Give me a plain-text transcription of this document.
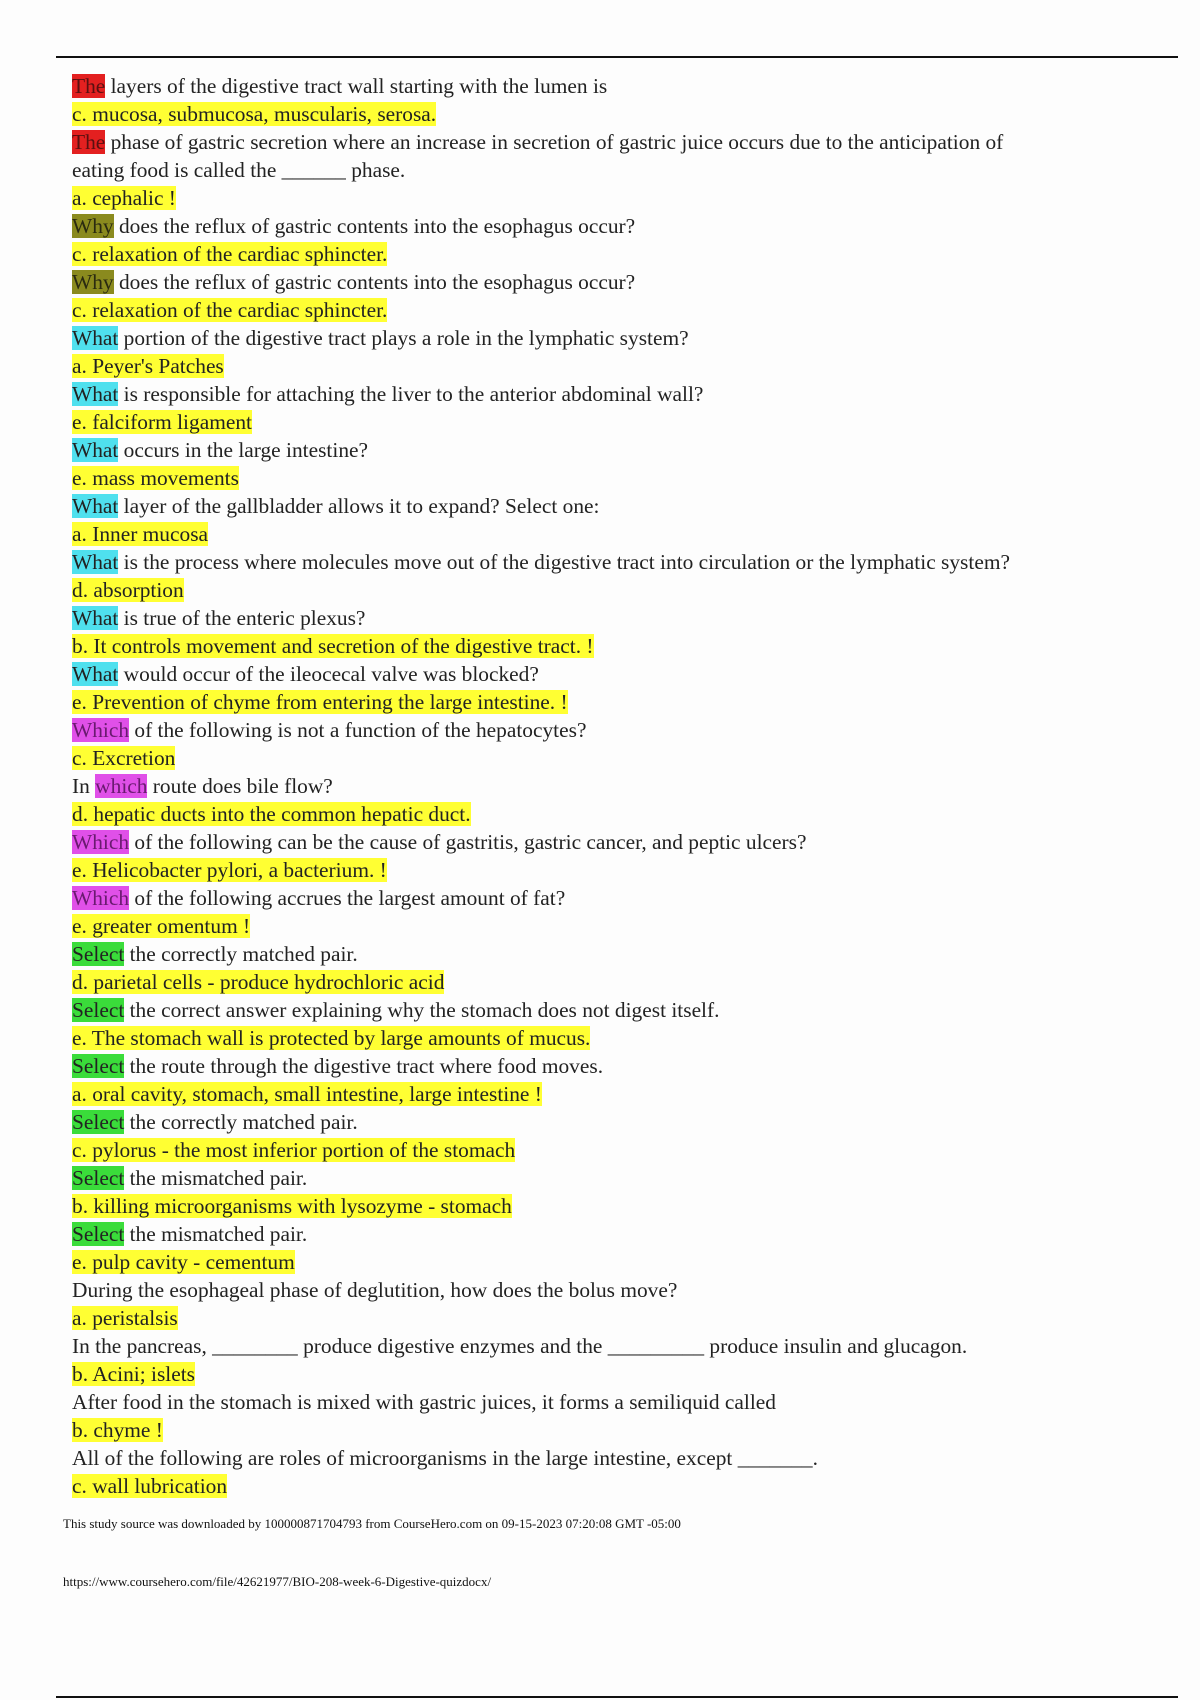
The layers of the digestive tract wall starting with the lumen is
c. mucosa, submucosa, muscularis, serosa.
The phase of gastric secretion where an increase in secretion of gastric juice occurs due to the anticipation of
eating food is called the ______ phase.
a. cephalic !
Why does the reflux of gastric contents into the esophagus occur?
c. relaxation of the cardiac sphincter.
Why does the reflux of gastric contents into the esophagus occur?
c. relaxation of the cardiac sphincter.
What portion of the digestive tract plays a role in the lymphatic system?
a. Peyer's Patches
What is responsible for attaching the liver to the anterior abdominal wall?
e. falciform ligament
What occurs in the large intestine?
e. mass movements
What layer of the gallbladder allows it to expand? Select one:
a. Inner mucosa
What is the process where molecules move out of the digestive tract into circulation or the lymphatic system?
d. absorption
What is true of the enteric plexus?
b. It controls movement and secretion of the digestive tract. !
What would occur of the ileocecal valve was blocked?
e. Prevention of chyme from entering the large intestine. !
Which of the following is not a function of the hepatocytes?
c. Excretion
In which route does bile flow?
d. hepatic ducts into the common hepatic duct.
Which of the following can be the cause of gastritis, gastric cancer, and peptic ulcers?
e. Helicobacter pylori, a bacterium. !
Which of the following accrues the largest amount of fat?
e. greater omentum !
Select the correctly matched pair.
d. parietal cells - produce hydrochloric acid
Select the correct answer explaining why the stomach does not digest itself.
e. The stomach wall is protected by large amounts of mucus.
Select the route through the digestive tract where food moves.
a. oral cavity, stomach, small intestine, large intestine !
Select the correctly matched pair.
c. pylorus - the most inferior portion of the stomach
Select the mismatched pair.
b. killing microorganisms with lysozyme - stomach
Select the mismatched pair.
e. pulp cavity - cementum
During the esophageal phase of deglutition, how does the bolus move?
a. peristalsis
In the pancreas, ________ produce digestive enzymes and the _________ produce insulin and glucagon.
b. Acini; islets
After food in the stomach is mixed with gastric juices, it forms a semiliquid called
b. chyme !
All of the following are roles of microorganisms in the large intestine, except _______.
c. wall lubrication
This study source was downloaded by 100000871704793 from CourseHero.com on 09-15-2023 07:20:08 GMT -05:00
https://www.coursehero.com/file/42621977/BIO-208-week-6-Digestive-quizdocx/
